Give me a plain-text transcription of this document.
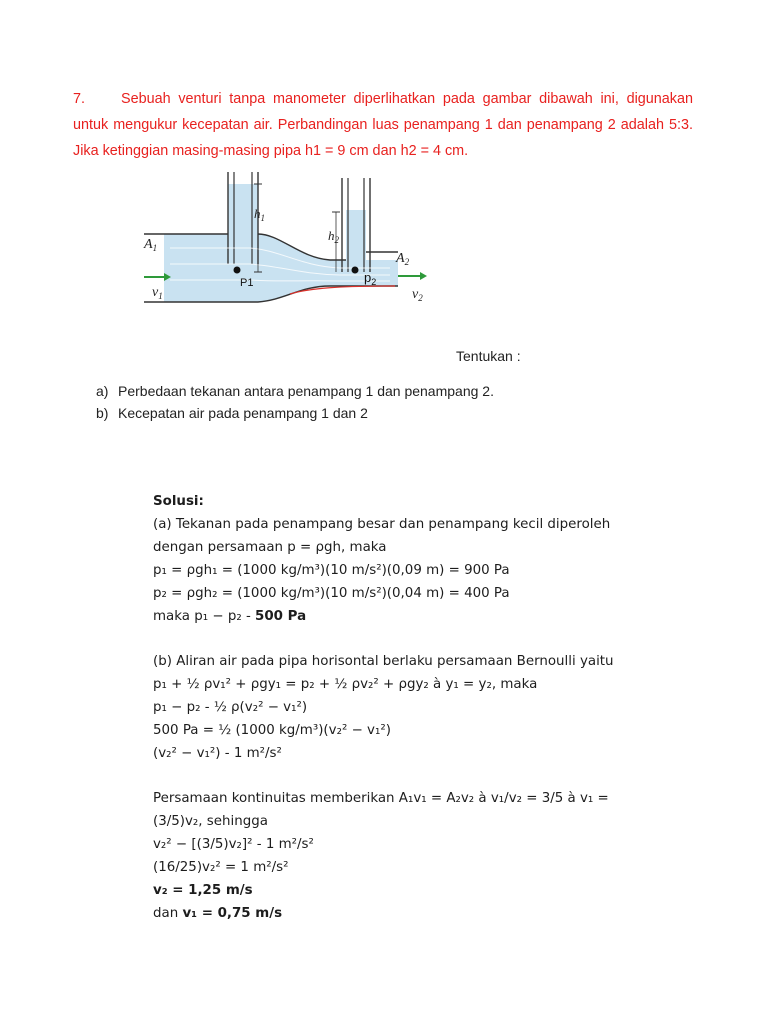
7. Sebuah venturi tanpa manometer diperlihatkan pada gambar dibawah ini, digunakan untuk mengukur kecepatan air. Perbandingan luas penampang 1 dan penampang 2 adalah 5:3. Jika ketinggian masing-masing pipa h1 = 9 cm dan h2 = 4 cm.

$h_1$
$h_2$
P1	$p_2$
$A_1$
$A_2$
$v_1$	$v_2$
Tentukan :
a) Perbedaan tekanan antara penampang 1 dan penampang 2.
b) Kecepatan air pada penampang 1 dan 2
Solusi:
(a) Tekanan pada penampang besar dan penampang kecil diperoleh
dengan persamaan p = ρgh, maka
p₁ = ρgh₁ = (1000 kg/m³)(10 m/s²)(0,09 m) = 900 Pa
p₂ = ρgh₂ = (1000 kg/m³)(10 m/s²)(0,04 m) = 400 Pa
maka p₁ − p₂ - 500 Pa
(b) Aliran air pada pipa horisontal berlaku persamaan Bernoulli yaitu
p₁ + ½ ρv₁² + ρgy₁ = p₂ + ½ ρv₂² + ρgy₂ à y₁ = y₂, maka
p₁ − p₂ - ½ ρ(v₂² − v₁²)
500 Pa = ½ (1000 kg/m³)(v₂² − v₁²)
(v₂² − v₁²) - 1 m²/s²
Persamaan kontinuitas memberikan A₁v₁ = A₂v₂ à v₁/v₂ = 3/5 à v₁ =
(3/5)v₂, sehingga
v₂² − [(3/5)v₂]² - 1 m²/s²
(16/25)v₂² = 1 m²/s²
v₂ = 1,25 m/s
dan v₁ = 0,75 m/s
